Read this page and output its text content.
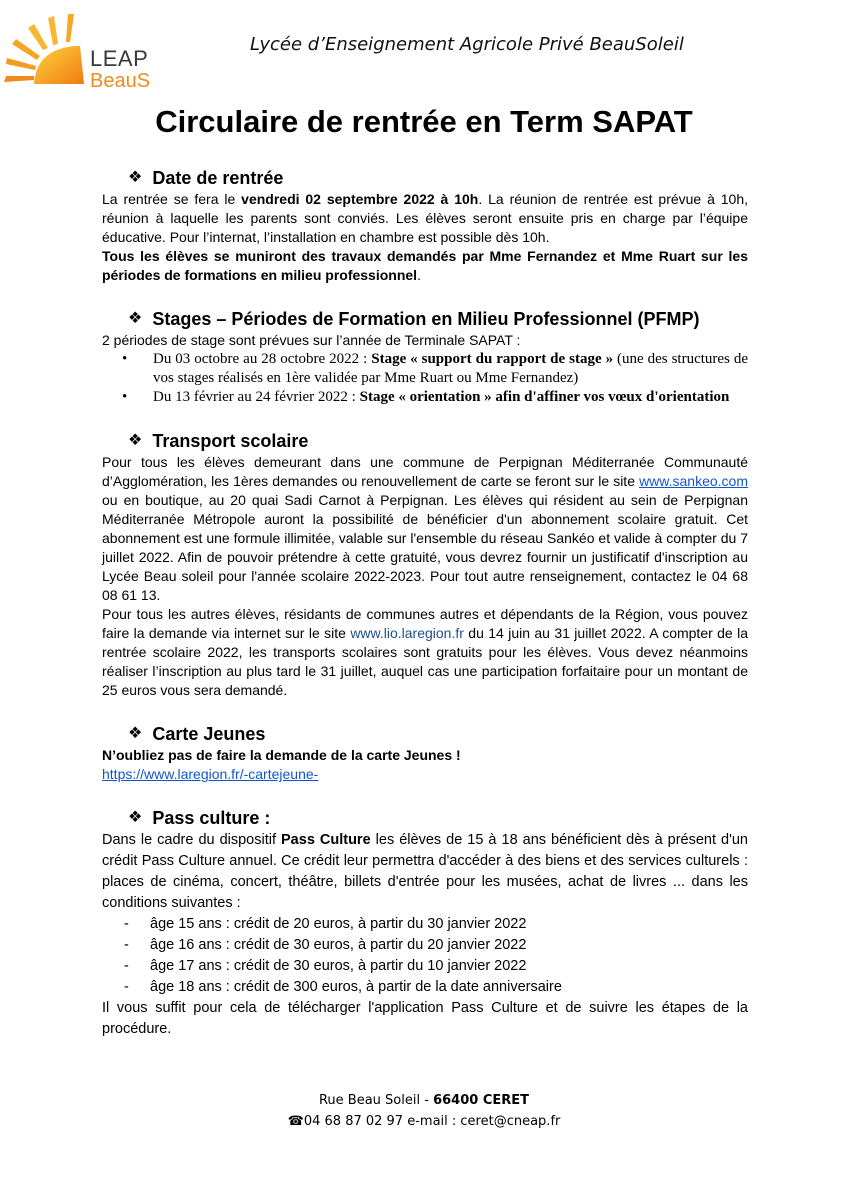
LEAP
BeauS
Lycée d’Enseignement Agricole Privé BeauSoleil
Circulaire de rentrée en Term SAPAT
❖ Date de rentrée

La rentrée se fera le vendredi 02 septembre 2022 à 10h. La réunion de rentrée est prévue à 10h, réunion à laquelle les parents sont conviés. Les élèves seront ensuite pris en charge par l’équipe éducative. Pour l’internat, l’installation en chambre est possible dès 10h.

Tous les élèves se muniront des travaux demandés par Mme Fernandez et Mme Ruart sur les périodes de formations en milieu professionnel.

❖ Stages – Périodes de Formation en Milieu Professionnel (PFMP)

2 périodes de stage sont prévues sur l’année de Terminale SAPAT :

• Du 03 octobre au 28 octobre 2022 : Stage « support du rapport de stage » (une des structures de vos stages réalisés en 1ère validée par Mme Ruart ou Mme Fernandez)
• Du 13 février au 24 février 2022 : Stage « orientation » afin d'affiner vos vœux d'orientation
❖ Transport scolaire

Pour tous les élèves demeurant dans une commune de Perpignan Méditerranée Communauté d’Agglomération, les 1ères demandes ou renouvellement de carte se feront sur le site www.sankeo.com ou en boutique, au 20 quai Sadi Carnot à Perpignan. Les élèves qui résident au sein de Perpignan Méditerranée Métropole auront la possibilité de bénéficier d'un abonnement scolaire gratuit. Cet abonnement est une formule illimitée, valable sur l'ensemble du réseau Sankéo et valide à compter du 7 juillet 2022. Afin de pouvoir prétendre à cette gratuité, vous devrez fournir un justificatif d'inscription au Lycée Beau soleil pour l'année scolaire 2022-2023. Pour tout autre renseignement, contactez le 04 68 08 61 13.

Pour tous les autres élèves, résidants de communes autres et dépendants de la Région, vous pouvez faire la demande via internet sur le site www.lio.laregion.fr du 14 juin au 31 juillet 2022. A compter de la rentrée scolaire 2022, les transports scolaires sont gratuits pour les élèves. Vous devez néanmoins réaliser l’inscription au plus tard le 31 juillet, auquel cas une participation forfaitaire pour un montant de 25 euros vous sera demandé.

❖ Carte Jeunes

N’oubliez pas de faire la demande de la carte Jeunes !

https://www.laregion.fr/-cartejeune-

❖ Pass culture :

Dans le cadre du dispositif Pass Culture les élèves de 15 à 18 ans bénéficient dès à présent d'un crédit Pass Culture annuel. Ce crédit leur permettra d'accéder à des biens et des services culturels : places de cinéma, concert, théâtre, billets d'entrée pour les musées, achat de livres ... dans les conditions suivantes :

- âge 15 ans : crédit de 20 euros, à partir du 30 janvier 2022
- âge 16 ans : crédit de 30 euros, à partir du 20 janvier 2022
- âge 17 ans : crédit de 30 euros, à partir du 10 janvier 2022
- âge 18 ans : crédit de 300 euros, à partir de la date anniversaire

Il vous suffit pour cela de télécharger l'application Pass Culture et de suivre les étapes de la procédure.

Rue Beau Soleil - 66400 CERET
☎04 68 87 02 97 e-mail : ceret@cneap.fr
